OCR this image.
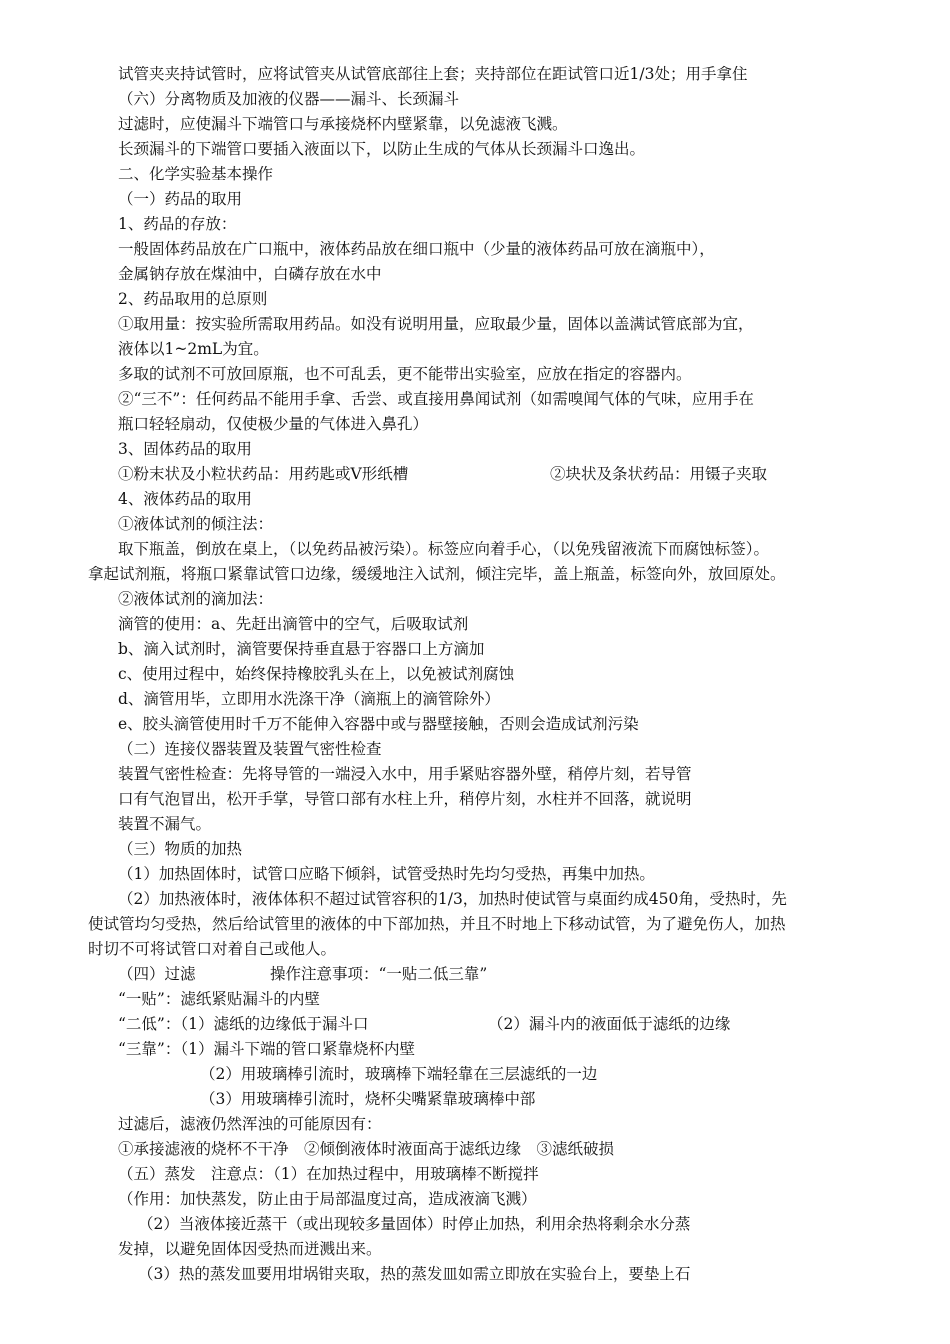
试管夹夹持试管时，应将试管夹从试管底部往上套；夹持部位在距试管口近1/3处；用手拿住
（六）分离物质及加液的仪器——漏斗、长颈漏斗
过滤时，应使漏斗下端管口与承接烧杯内壁紧靠，以免滤液飞溅。
长颈漏斗的下端管口要插入液面以下，以防止生成的气体从长颈漏斗口逸出。
二、化学实验基本操作
（一）药品的取用
1、药品的存放：
一般固体药品放在广口瓶中，液体药品放在细口瓶中（少量的液体药品可放在滴瓶中），
金属钠存放在煤油中，白磷存放在水中
2、药品取用的总原则
①取用量：按实验所需取用药品。如没有说明用量，应取最少量，固体以盖满试管底部为宜，
液体以1~2mL为宜。
多取的试剂不可放回原瓶，也不可乱丢，更不能带出实验室，应放在指定的容器内。
②“三不”：任何药品不能用手拿、舌尝、或直接用鼻闻试剂（如需嗅闻气体的气味，应用手在
瓶口轻轻扇动，仅使极少量的气体进入鼻孔）
3、固体药品的取用
①粉末状及小粒状药品：用药匙或V形纸槽	②块状及条状药品：用镊子夹取
4、液体药品的取用
①液体试剂的倾注法：
取下瓶盖，倒放在桌上，（以免药品被污染）。标签应向着手心，（以免残留液流下而腐蚀标签）。
拿起试剂瓶，将瓶口紧靠试管口边缘，缓缓地注入试剂，倾注完毕，盖上瓶盖，标签向外，放回原处。
②液体试剂的滴加法：
滴管的使用：a、先赶出滴管中的空气，后吸取试剂
b、滴入试剂时，滴管要保持垂直悬于容器口上方滴加
c、使用过程中，始终保持橡胶乳头在上，以免被试剂腐蚀
d、滴管用毕，立即用水洗涤干净（滴瓶上的滴管除外）
e、胶头滴管使用时千万不能伸入容器中或与器壁接触，否则会造成试剂污染
（二）连接仪器装置及装置气密性检查
装置气密性检查：先将导管的一端浸入水中，用手紧贴容器外壁，稍停片刻，若导管
口有气泡冒出，松开手掌，导管口部有水柱上升，稍停片刻，水柱并不回落，就说明
装置不漏气。
（三）物质的加热
（1）加热固体时，试管口应略下倾斜，试管受热时先均匀受热，再集中加热。
（2）加热液体时，液体体积不超过试管容积的1/3，加热时使试管与桌面约成450角，受热时，先
使试管均匀受热，然后给试管里的液体的中下部加热，并且不时地上下移动试管，为了避免伤人，加热
时切不可将试管口对着自己或他人。
（四）过滤	操作注意事项：“一贴二低三靠”
“一贴”：滤纸紧贴漏斗的内壁
“二低”：（1）滤纸的边缘低于漏斗口	（2）漏斗内的液面低于滤纸的边缘
“三靠”：（1）漏斗下端的管口紧靠烧杯内壁
（2）用玻璃棒引流时，玻璃棒下端轻靠在三层滤纸的一边
（3）用玻璃棒引流时，烧杯尖嘴紧靠玻璃棒中部
过滤后，滤液仍然浑浊的可能原因有：
①承接滤液的烧杯不干净　②倾倒液体时液面高于滤纸边缘　③滤纸破损
（五）蒸发　注意点：（1）在加热过程中，用玻璃棒不断搅拌
（作用：加快蒸发，防止由于局部温度过高，造成液滴飞溅）
（2）当液体接近蒸干（或出现较多量固体）时停止加热，利用余热将剩余水分蒸
发掉，以避免固体因受热而迸溅出来。
（3）热的蒸发皿要用坩埚钳夹取，热的蒸发皿如需立即放在实验台上，要垫上石
